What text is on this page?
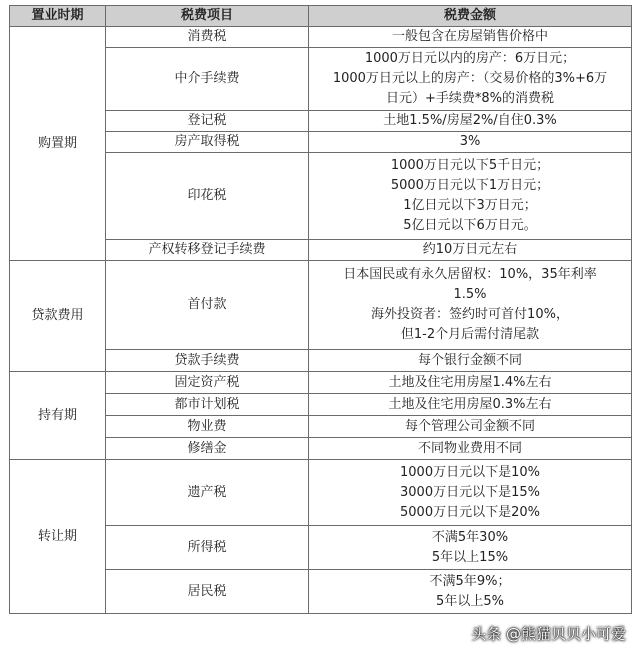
置业时期	税费项目	税费金额
购置期	消费税	一般包含在房屋销售价格中

	中介手续费	1000万日元以内的房产：6万日元；
1000万日元以上的房产：（交易价格的3%+6万
日元）+手续费*8%的消费税

	登记税	土地1.5%/房屋2%/自住0.3%

	房产取得税	3%

	印花税	1000万日元以下5千日元；
5000万日元以下1万日元；
1亿日元以下3万日元；
5亿日元以下6万日元。

	产权转移登记手续费	约10万日元左右

贷款费用	首付款	日本国民或有永久居留权：10%，35年利率
1.5%
海外投资者：签约时可首付10%，
但1-2个月后需付清尾款

	贷款手续费	每个银行金额不同

持有期	固定资产税	土地及住宅用房屋1.4%左右

	都市计划税	土地及住宅用房屋0.3%左右

	物业费	每个管理公司金额不同

	修缮金	不同物业费用不同

转让期	遗产税	1000万日元以下是10%
3000万日元以下是15%
5000万日元以下是20%

	所得税	不满5年30%
5年以上15%

	居民税	不满5年9%；
5年以上5%
头条 @熊猫贝贝小可爱
